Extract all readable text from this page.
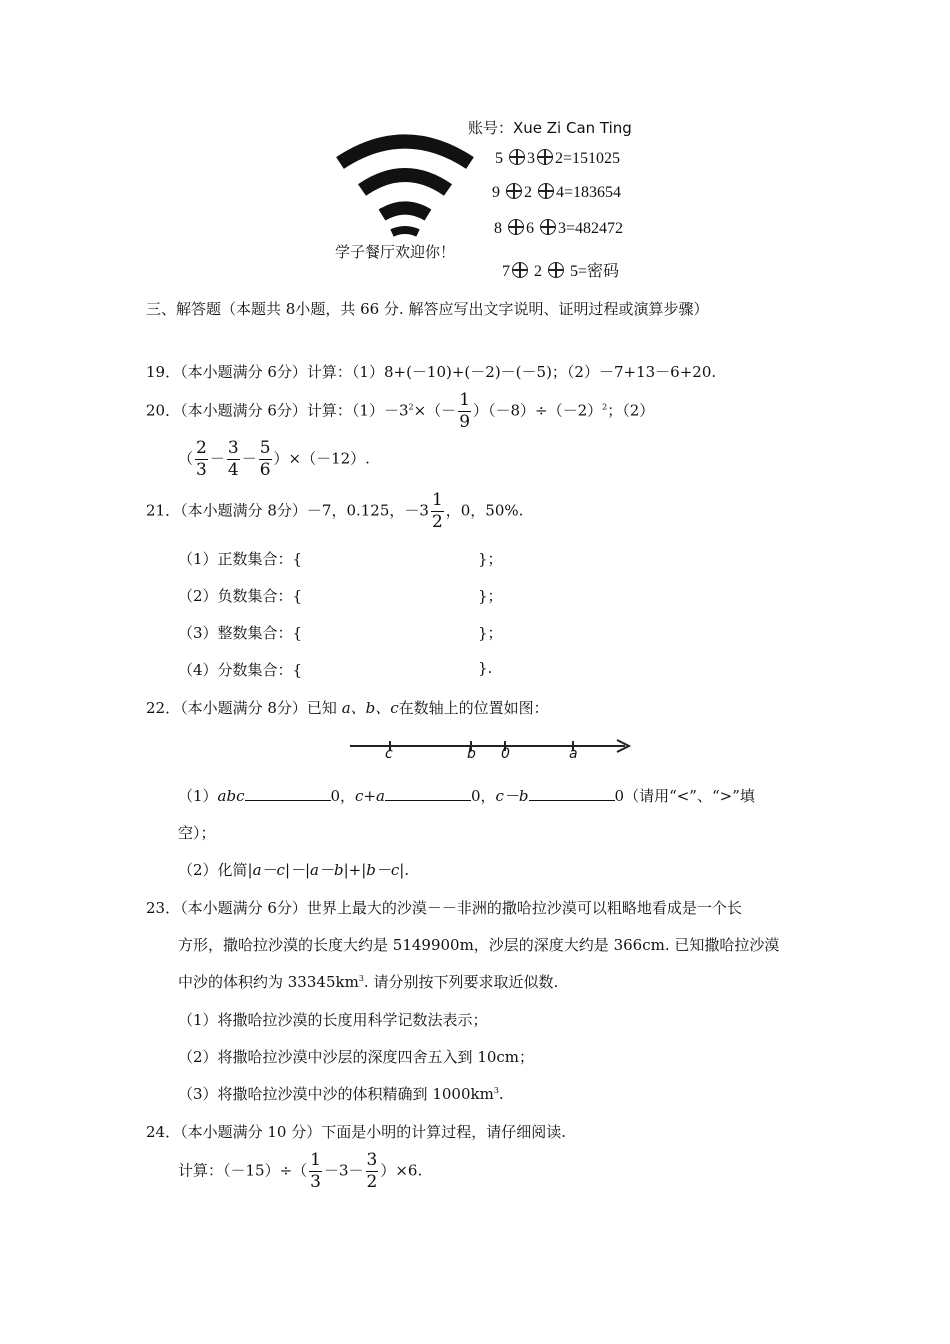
学子餐厅欢迎你！
账号：Xue Zi Can Ting
5 3 2=151025
9 2 4=183654
8 6 3=482472
7 2 5=密码
三、解答题（本题共 8小题，共 66 分. 解答应写出文字说明、证明过程或演算步骤）
19．（本小题满分 6分）计算：（1）8+(－10)+(－2)－(－5)；（2）－7+13－6+20.
20．（本小题满分 6分）计算：$(1)-3^2\times(- \frac{1}{9} )(-8)\div(-2)^2$；（2）
（ $\frac{2}{3} - \frac{3}{4} - \frac{5}{6} )\times(-12)$.
21．（本小题满分 8分）－7，0.125，$-3 \frac{1}{2}$ ，0，50%.
（1）正数集合：{	}；
（2）负数集合：{	}；
（3）整数集合：{	}；
（4）分数集合：{	}.
22．（本小题满分 8分）已知 a、b、c在数轴上的位置如图：
c	b 0	a
（1）abc	0，c+a	0，c－b	0（请用“<”、“>”填
空）；
（2）化简|a－c|－|a－b|+|b－c|.
23．（本小题满分 6分）世界上最大的沙漠－－非洲的撒哈拉沙漠可以粗略地看成是一个长
方形，撒哈拉沙漠的长度大约是 5149900m，沙层的深度大约是 366cm. 已知撒哈拉沙漠
中沙的体积约为 $33345km^3$. 请分别按下列要求取近似数.
（1）将撒哈拉沙漠的长度用科学记数法表示；
（2）将撒哈拉沙漠中沙层的深度四舍五入到 10cm；
（3）将撒哈拉沙漠中沙的体积精确到 $1000km^3$.
24．（本小题满分 10 分）下面是小明的计算过程，请仔细阅读.
计算：$(-15)\div( \frac{1}{3} -3- \frac{3}{2} )\times 6$.
